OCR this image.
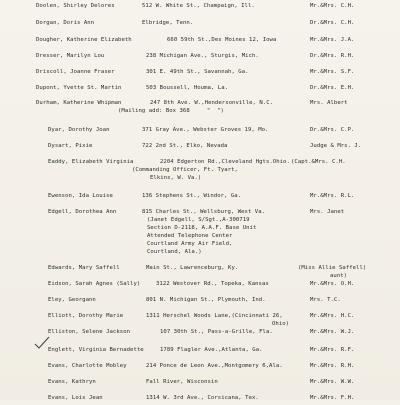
Doolen, Shirley Delores	512 W. White St., Champaign, Ill.	Mr.&Mrs. C.H.
Dorgan, Doris Ann	Elbridge, Tenn.	Dr.&Mrs. C.H.
Dougher, Katherine Elizabeth	660 59th St.,Des Moines 12, Iowa	Mr.&Mrs. J.A.
Dresser, Marilyn Lou	238 Michigan Ave., Sturgis, Mich.	Dr.&Mrs. R.H.
Driscoll, Joanne Fraser	301 E. 49th St., Savannah, Ga.	Mr.&Mrs. S.F.
Dupont, Yvette St. Martin	503 Boussell, Houma, La.	Dr.&Mrs. E.H.
Durham, Katherine Whipman	247 8th Ave. W.,Hendersonville, N.C.	Mrs. Albert
(Mailing add: Box 368     "  ")
Dyar, Dorothy Joan	371 Gray Ave., Webster Groves 19, Mo.	Dr.&Mrs. C.P.
Dysart, Pixie	722 2nd St., Elko, Nevada	Judge & Mrs. J.
Eaddy, Elizabeth Virginia	2204 Edgerton Rd.,Cleveland Hgts.Ohio. (Capt.&Mrs. C.H.
(Commanding Officer, Ft. Tyart,
Elkins, W. Va.)
Ewenson, Ida Louise	136 Stephens St., Windor, Ga.	Mr.&Mrs. R.L.
Edgell, Dorothea Ann	815 Charles St., Wellsburg, West Va.	Mrs. Janet
(Janet Edgell, S/Sgt.,A-300719
Section D-2118, A.A.F. Base Unit
Attended Telephone Center
Courtland Army Air Field,
Courtland, Ala.)
Edwards, Mary Saffell	Main St., Lawrenceburg, Ky.	(Miss Allie Saffell)
aunt)
Eidson, Sarah Agnes (Sally)	3122 Westover Rd., Topeka, Kansas	Mr.&Mrs. O.H.
Eley, Georgann	801 N. Michigan St., Plymouth, Ind.	Mrs. T.C.
Elliott, Dorothy Marie	1311 Herschel Woods Lane,(Cincinnati 26,	Mr.&Mrs. H.C.
Ohio)
Elliston, Selene Jackson	107 30th St., Pass-a-Grille, Fla.	Mr.&Mrs. W.J.
Englett, Virginia Bernadette	1789 Flagler Ave.,Atlanta, Ga.	Mr.&Mrs. R.F.
Evans, Charlotte Mobley	214 Ponce de Leon Ave.,Montgomery 6,Ala.	Mr.&Mrs. R.H.
Evans, Kathryn	Fall River, Wisconsin	Mr.&Mrs. W.W.
Evans, Lois Jean	1314 W. 3rd Ave., Corsicana, Tex.	Mr.&Mrs. F.H.
